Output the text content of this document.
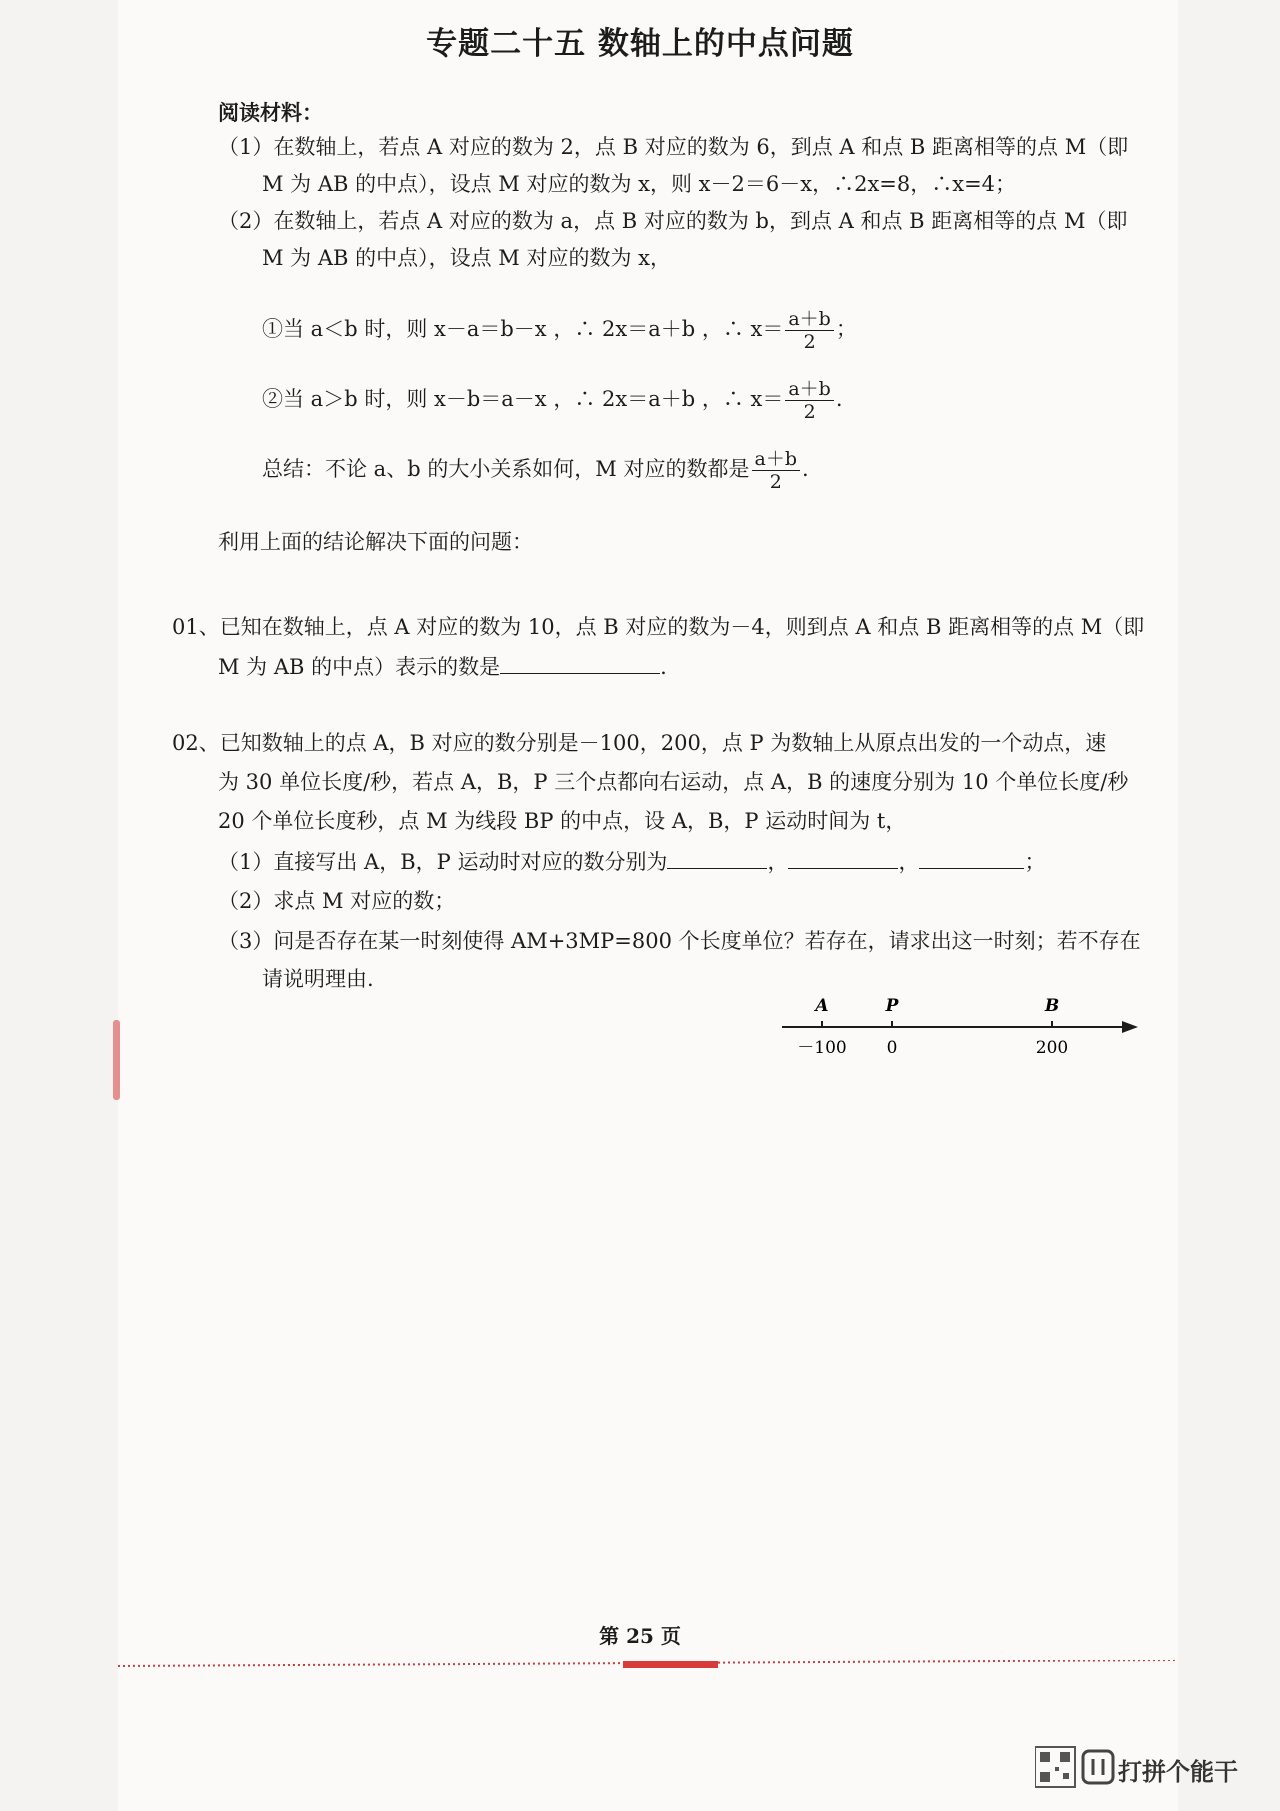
专题二十五 数轴上的中点问题
阅读材料：
（1）在数轴上，若点 A 对应的数为 2，点 B 对应的数为 6，到点 A 和点 B 距离相等的点 M（即
M 为 AB 的中点），设点 M 对应的数为 x，则 x－2＝6－x，∴2x=8，∴x=4；
（2）在数轴上，若点 A 对应的数为 a，点 B 对应的数为 b，到点 A 和点 B 距离相等的点 M（即
M 为 AB 的中点），设点 M 对应的数为 x，
①当 a＜b 时，则 x－a＝b－x ，∴ 2x＝a＋b ，∴ $x= \frac{a+b}{2}$ ；
②当 a＞b 时，则 x－b＝a－x ，∴ 2x＝a＋b ，∴ $x= \frac{a+b}{2}$ .
总结：不论 a、b 的大小关系如何，M 对应的数都是 $\frac{a+b}{2}$ .
利用上面的结论解决下面的问题：
01、已知在数轴上，点 A 对应的数为 10，点 B 对应的数为－4，则到点 A 和点 B 距离相等的点 M（即
M 为 AB 的中点）表示的数是	.
02、已知数轴上的点 A，B 对应的数分别是－100，200，点 P 为数轴上从原点出发的一个动点，速
为 30 单位长度/秒，若点 A，B，P 三个点都向右运动，点 A，B 的速度分别为 10 个单位长度/秒
20 个单位长度秒，点 M 为线段 BP 的中点，设 A，B，P 运动时间为 t，
（1）直接写出 A，B，P 运动时对应的数分别为	，	，	；
（2）求点 M 对应的数；
（3）问是否存在某一时刻使得 AM+3MP=800 个长度单位？若存在，请求出这一时刻；若不存在
请说明理由.
A	P	B
－100 0	200
第 25 页
打拼个能干
